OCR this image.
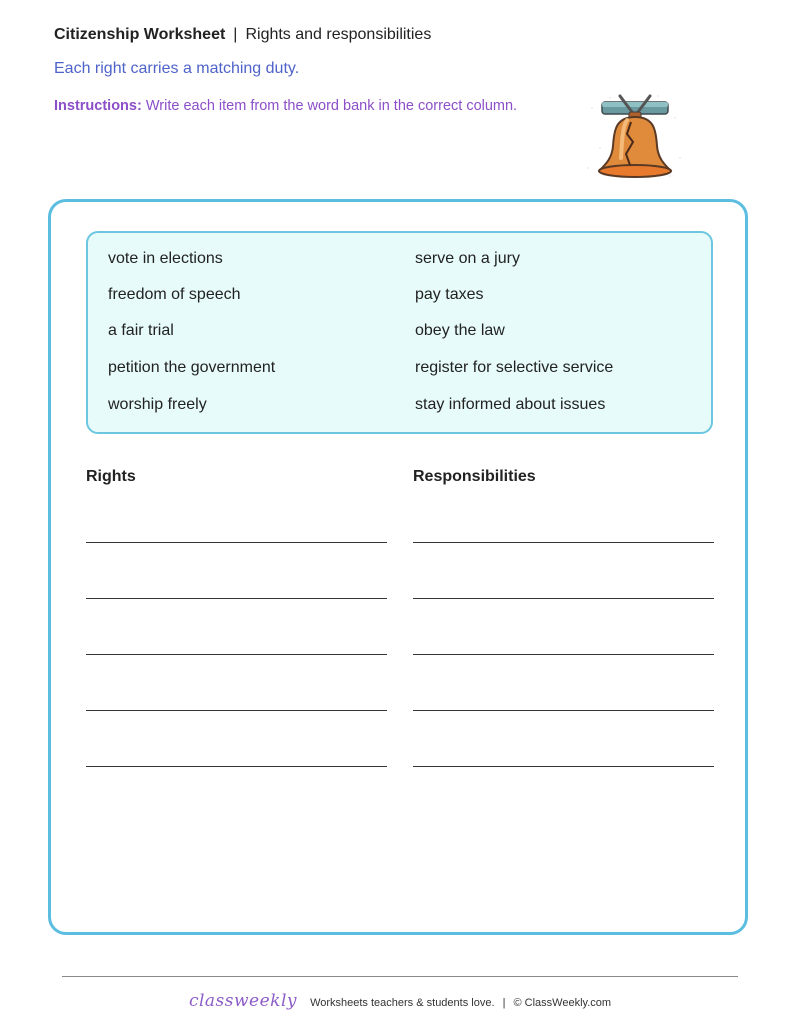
Citizenship Worksheet | Rights and responsibilities
Each right carries a matching duty.
Instructions: Write each item from the word bank in the correct column.
vote in elections
freedom of speech
a fair trial
petition the government
worship freely
serve on a jury
pay taxes
obey the law
register for selective service
stay informed about issues
Rights	Responsibilities
classweekly Worksheets teachers & students love. | © ClassWeekly.com
